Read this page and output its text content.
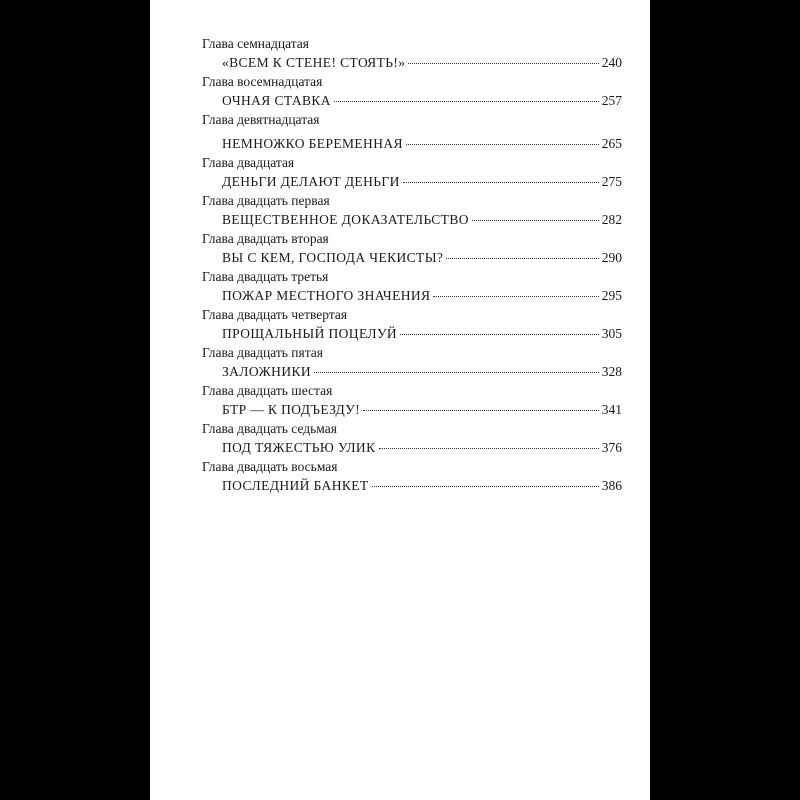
Глава семнадцатая
«ВСЕМ К СТЕНЕ! СТОЯТЬ!»	240
Глава восемнадцатая
ОЧНАЯ СТАВКА	257
Глава девятнадцатая
НЕМНОЖКО БЕРЕМЕННАЯ	265
Глава двадцатая
ДЕНЬГИ ДЕЛАЮТ ДЕНЬГИ	275
Глава двадцать первая
ВЕЩЕСТВЕННОЕ ДОКАЗАТЕЛЬСТВО	282
Глава двадцать вторая
ВЫ С КЕМ, ГОСПОДА ЧЕКИСТЫ?	290
Глава двадцать третья
ПОЖАР МЕСТНОГО ЗНАЧЕНИЯ	295
Глава двадцать четвертая
ПРОЩАЛЬНЫЙ ПОЦЕЛУЙ	305
Глава двадцать пятая
ЗАЛОЖНИКИ	328
Глава двадцать шестая
БТР — К ПОДЪЕЗДУ!	341
Глава двадцать седьмая
ПОД ТЯЖЕСТЬЮ УЛИК	376
Глава двадцать восьмая
ПОСЛЕДНИЙ БАНКЕТ	386
